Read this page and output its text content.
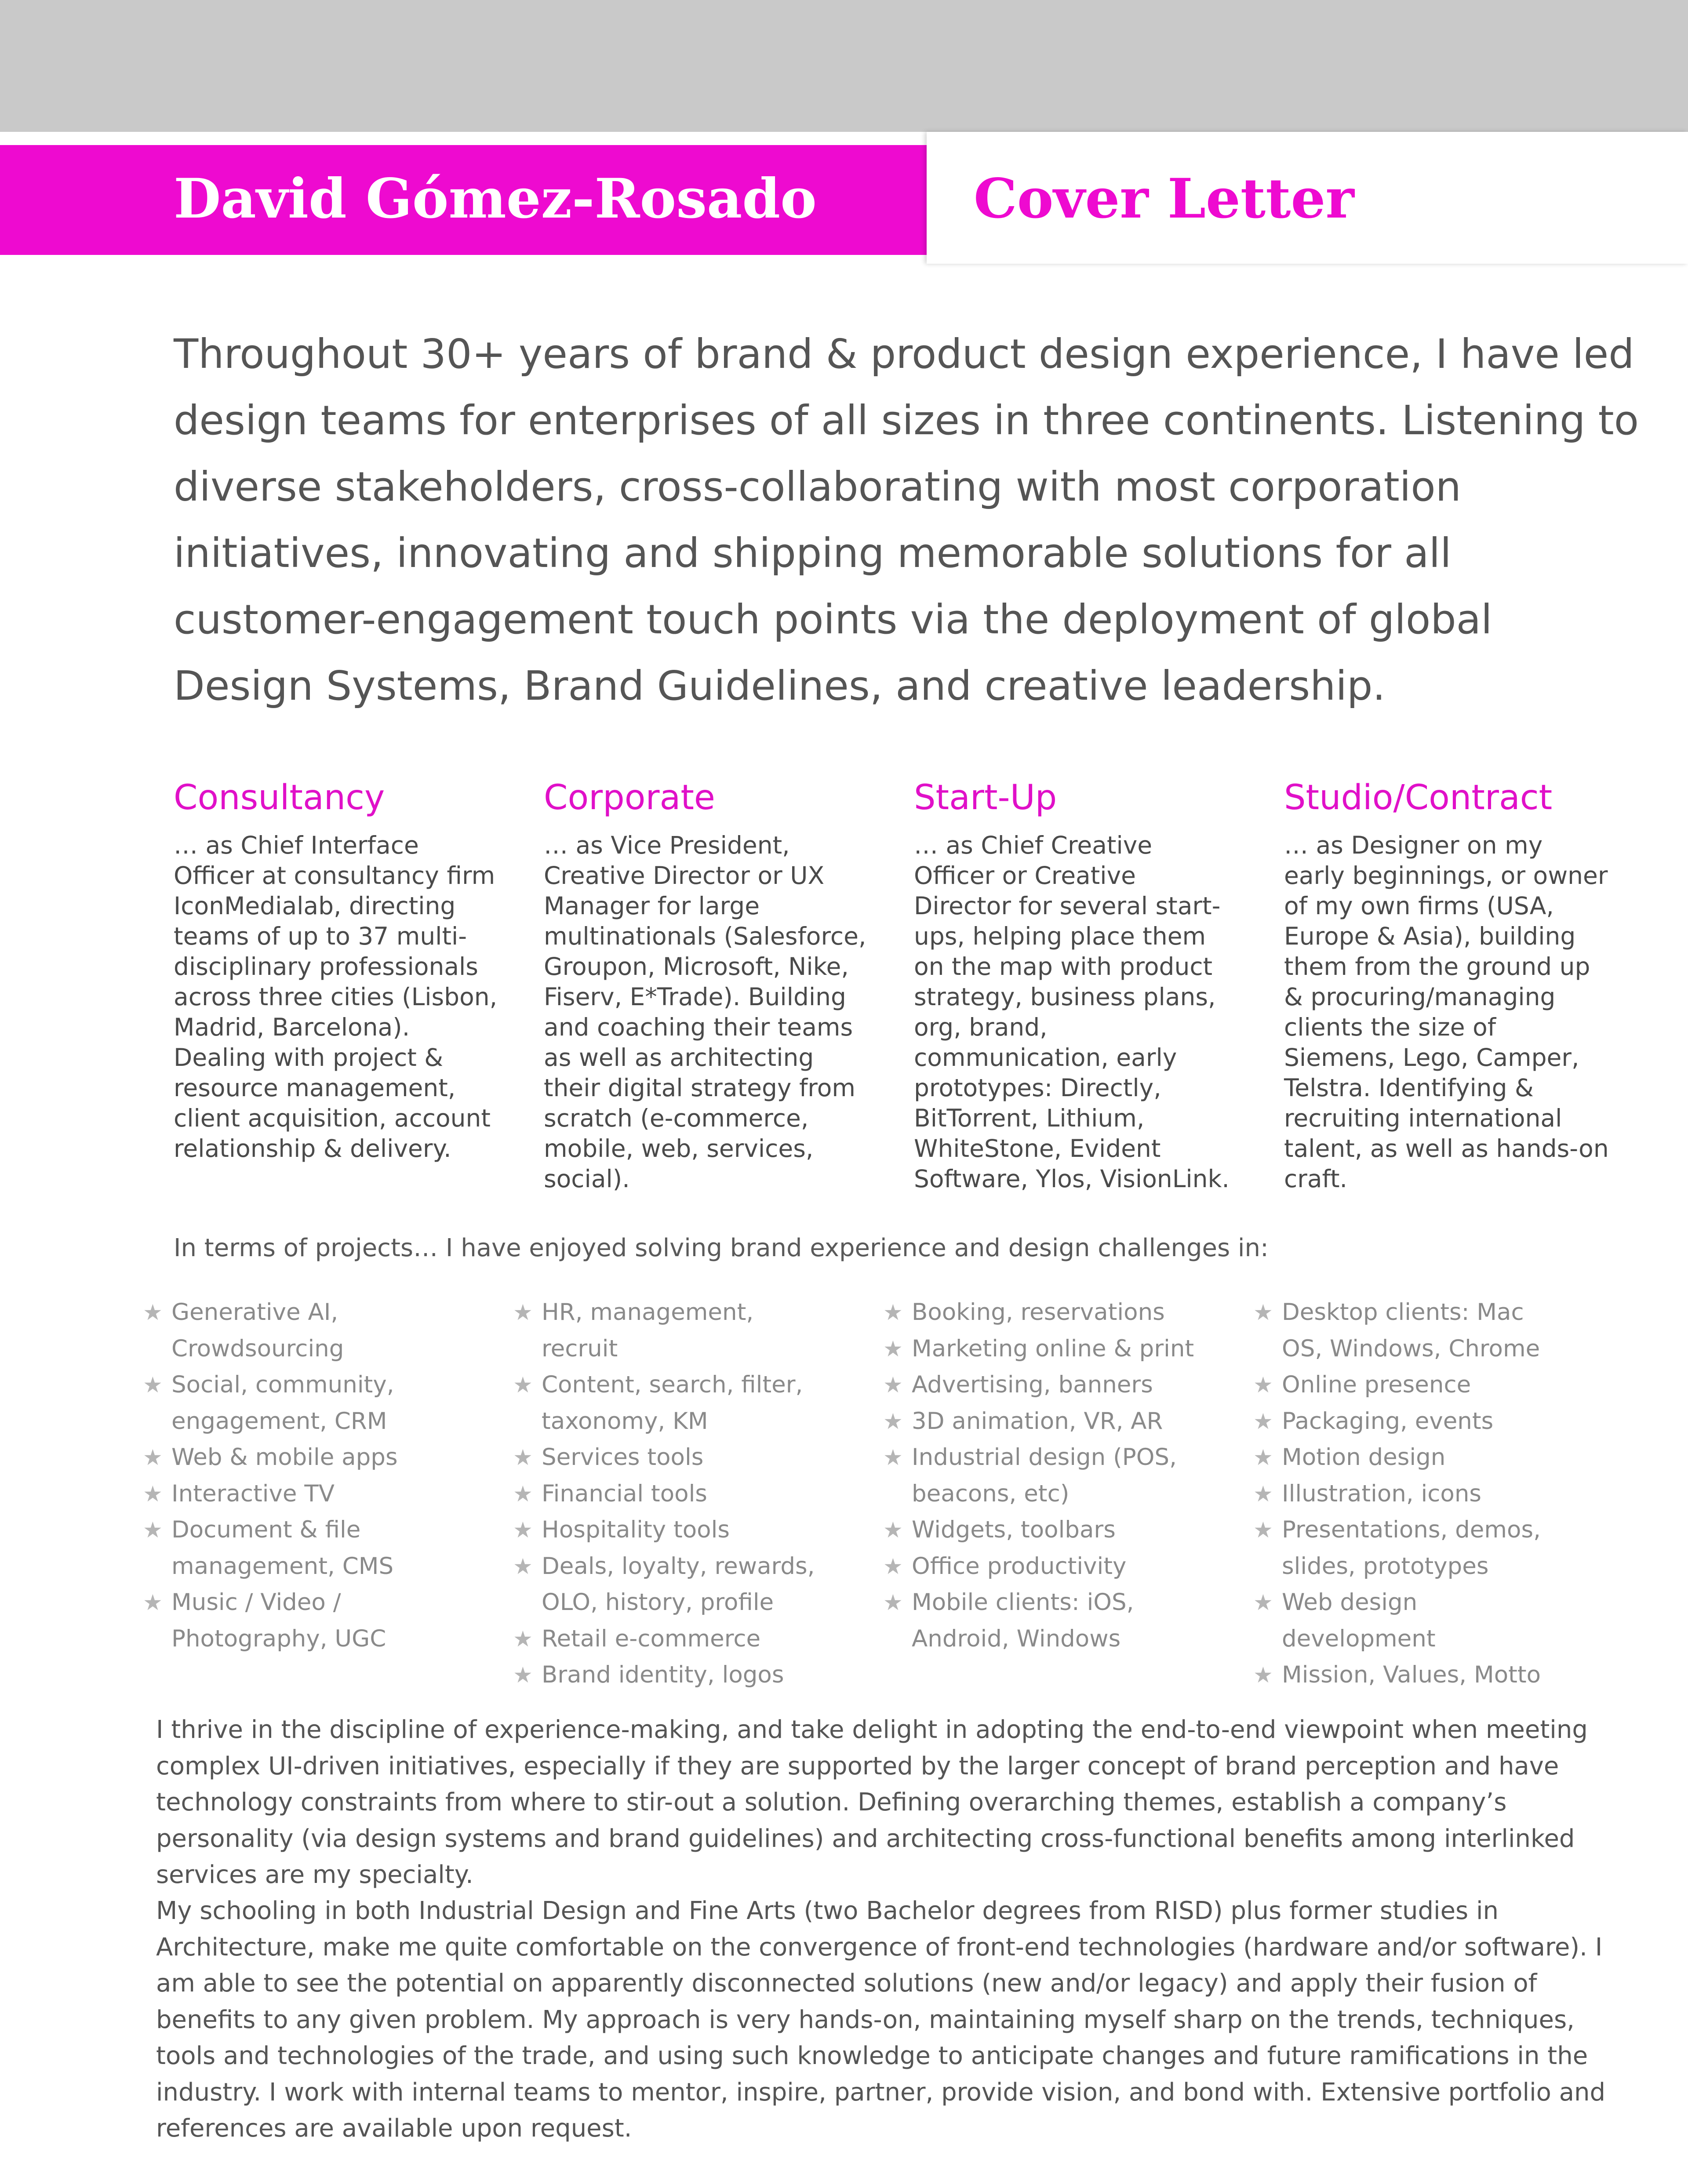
David Gómez-Rosado	Cover Letter

Throughout 30+ years of brand & product design experience, I have led design teams for enterprises of all sizes in three continents. Listening to diverse stakeholders, cross-collaborating with most corporation initiatives, innovating and shipping memorable solutions for all customer-engagement touch points via the deployment of global Design Systems, Brand Guidelines, and creative leadership.

Consultancy

… as Chief Interface Officer at consultancy firm IconMedialab, directing teams of up to 37 multi-disciplinary professionals across three cities (Lisbon, Madrid, Barcelona). Dealing with project & resource management, client acquisition, account relationship & delivery.

Corporate

… as Vice President, Creative Director or UX Manager for large multinationals (Salesforce, Groupon, Microsoft, Nike, Fiserv, E*Trade). Building and coaching their teams as well as architecting their digital strategy from scratch (e-commerce, mobile, web, services, social).

Start-Up

… as Chief Creative Officer or Creative Director for several start-ups, helping place them on the map with product strategy, business plans, org, brand, communication, early prototypes: Directly, BitTorrent, Lithium, WhiteStone, Evident Software, Ylos, VisionLink.

Studio/Contract

… as Designer on my early beginnings, or owner of my own firms (USA, Europe & Asia), building them from the ground up & procuring/managing clients the size of Siemens, Lego, Camper, Telstra. Identifying & recruiting international talent, as well as hands-on craft.

In terms of projects… I have enjoyed solving brand experience and design challenges in:

★ Generative AI, Crowdsourcing
★ Social, community, engagement, CRM
★ Web & mobile apps
★ Interactive TV
★ Document & file management, CMS
★ Music / Video / Photography, UGC
★ HR, management, recruit
★ Content, search, filter, taxonomy, KM
★ Services tools
★ Financial tools
★ Hospitality tools
★ Deals, loyalty, rewards, OLO, history, profile
★ Retail e-commerce
★ Brand identity, logos
★ Booking, reservations
★ Marketing online & print
★ Advertising, banners
★ 3D animation, VR, AR
★ Industrial design (POS, beacons, etc)
★ Widgets, toolbars
★ Office productivity
★ Mobile clients: iOS, Android, Windows
★ Desktop clients: Mac OS, Windows, Chrome
★ Online presence
★ Packaging, events
★ Motion design
★ Illustration, icons
★ Presentations, demos, slides, prototypes
★ Web design development
★ Mission, Values, Motto

I thrive in the discipline of experience-making, and take delight in adopting the end-to-end viewpoint when meeting complex UI-driven initiatives, especially if they are supported by the larger concept of brand perception and have technology constraints from where to stir-out a solution. Defining overarching themes, establish a company’s personality (via design systems and brand guidelines) and architecting cross-functional benefits among interlinked services are my specialty.

My schooling in both Industrial Design and Fine Arts (two Bachelor degrees from RISD) plus former studies in Architecture, make me quite comfortable on the convergence of front-end technologies (hardware and/or software). I am able to see the potential on apparently disconnected solutions (new and/or legacy) and apply their fusion of benefits to any given problem. My approach is very hands-on, maintaining myself sharp on the trends, techniques, tools and technologies of the trade, and using such knowledge to anticipate changes and future ramifications in the industry. I work with internal teams to mentor, inspire, partner, provide vision, and bond with. Extensive portfolio and references are available upon request.
